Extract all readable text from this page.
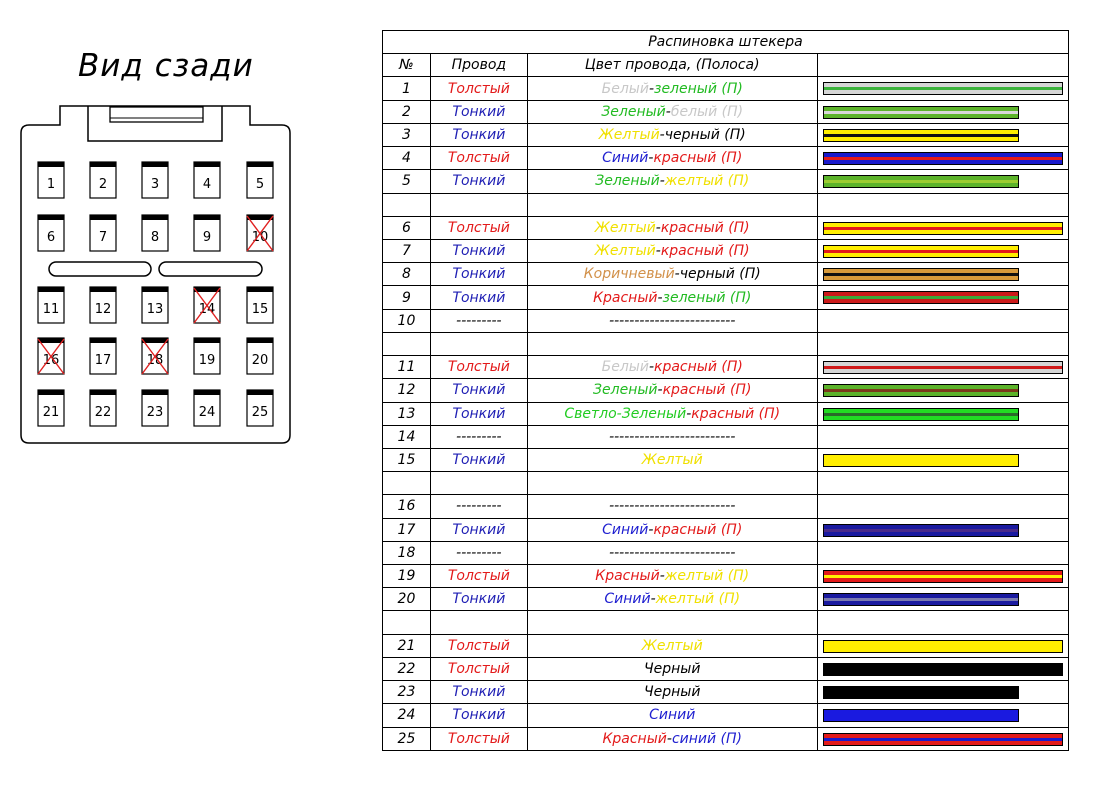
Вид сзади
1	2	3	4	5
6	7	8	9	10
11	12	13	14	15
16	17	18	19	20
21	22	23	24	25
Распиновка штекера			
№	Провод	Цвет провода, (Полоса)	
1	Толстый	Белый-зеленый (П)	

2	Тонкий	Зеленый-белый (П)	

3	Тонкий	Желтый-черный (П)	

4	Толстый	Синий-красный (П)	

5	Тонкий	Зеленый-желтый (П)	

6	Толстый	Желтый-красный (П)	

7	Тонкий	Желтый-красный (П)	

8	Тонкий	Коричневый-черный (П)	

9	Тонкий	Красный-зеленый (П)	

10	---------	-------------------------	

11	Толстый	Белый-красный (П)	

12	Тонкий	Зеленый-красный (П)	

13	Тонкий	Светло-Зеленый-красный (П)	

14	---------	-------------------------	
15	Тонкий	Желтый	

16	---------	-------------------------	
17	Тонкий	Синий-красный (П)	

18	---------	-------------------------	
19	Толстый	Красный-желтый (П)	

20	Тонкий	Синий-желтый (П)	

21	Толстый	Желтый	

22	Толстый	Черный	

23	Тонкий	Черный	

24	Тонкий	Синий	

25	Толстый	Красный-синий (П)	
